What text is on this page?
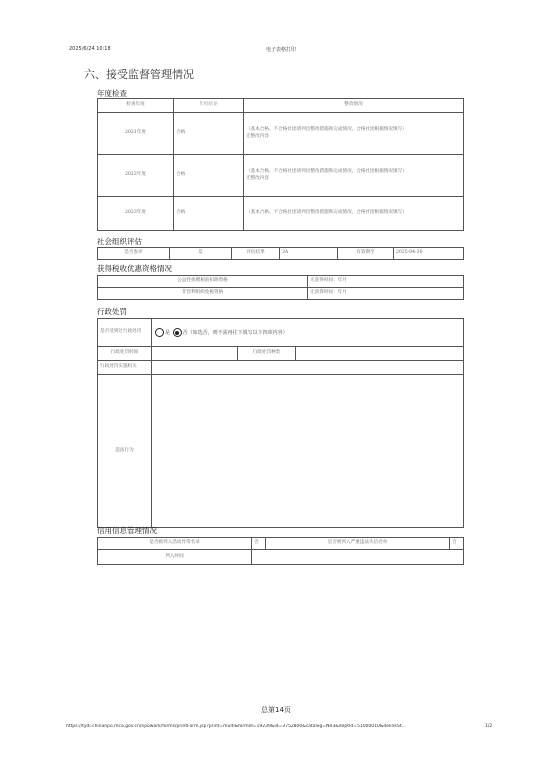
2025/6/24 10:18	电子表格打印
六、接受监督管理情况
年度检查
检查年度	年检结论	整改情况
2021年度	合格	（基本合格、不合格社团请列出整改措施和完成情况，合格社团根据情况填写）
无整改内容

2022年度	合格	（基本合格、不合格社团请列出整改措施和完成情况，合格社团根据情况填写）
无整改内容

2023年度	合格	（基本合格、不合格社团请列出整改措施和完成情况，合格社团根据情况填写）
社会组织评估
是否参评	是	评估结果	3A	有效期至	2025-04-30
获得税收优惠资格情况
公益性捐赠税前扣除资格	无获得时间：年月
非营利组织免税资格	无获得时间：年月
行政处罚
是否受到过行政处罚	是 否（如选否，则不需再往下填写以下四项内容）		
行政处罚时间		行政处罚种类	
行政处罚实施机关			
违法行为			
信用信息管理情况
是否被列入活动异常名录	否	是否被列入严重违法失信名单	否
列入时间			
总第14页
https://tydi.chinanpo.mca.gov.cn/npowork/forms/printForm.jsp?print=multi&formId=19239&id=3752800&catalog=N03&deptId=51000010&delinkSt...	1/2
